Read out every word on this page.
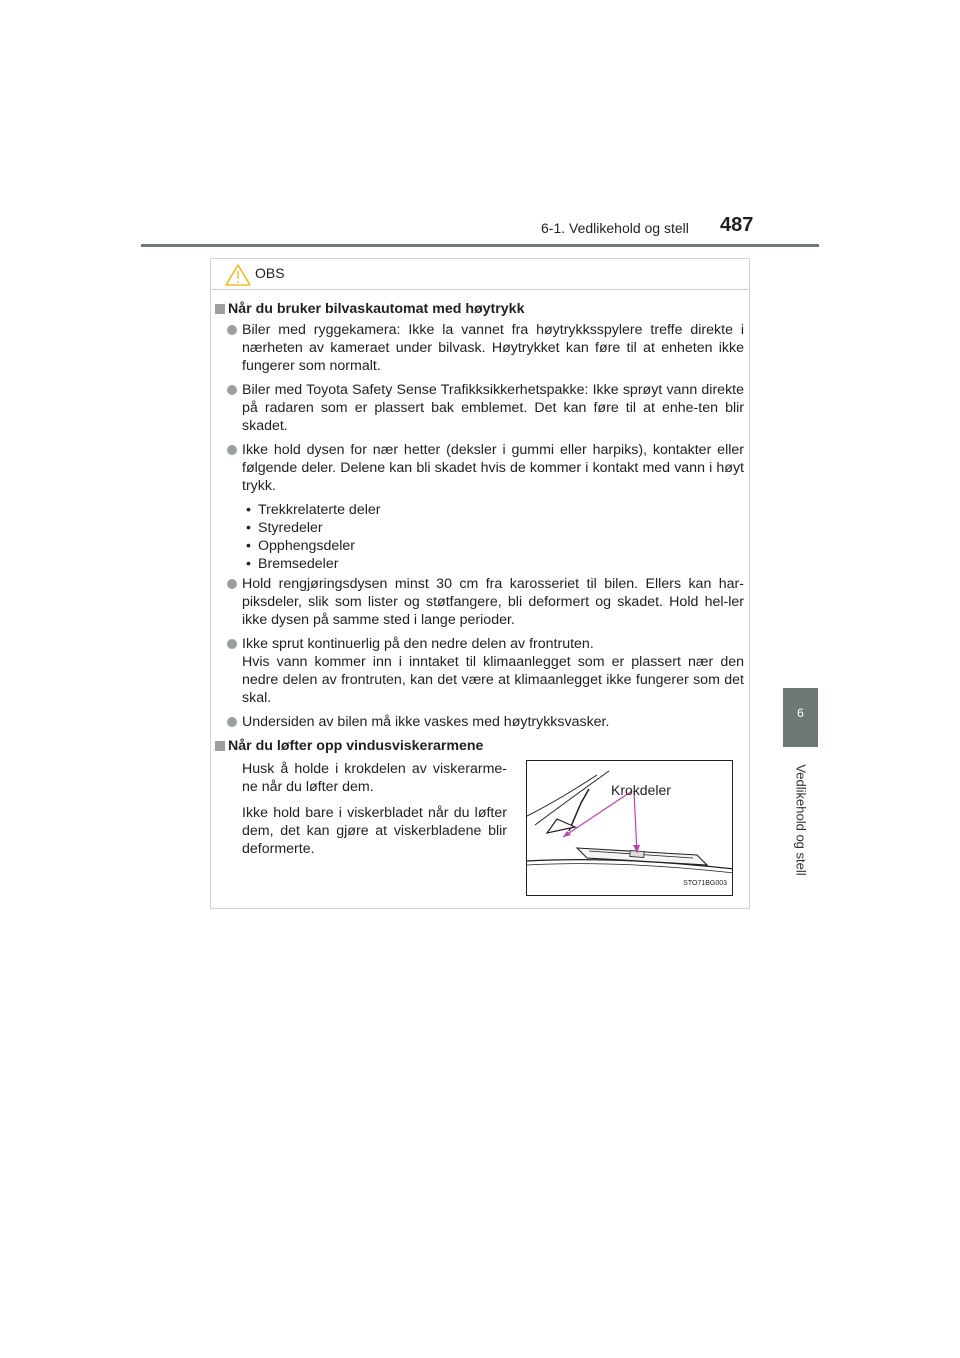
6-1. Vedlikehold og stell	487
6
Vedlikehold og stell
OBS
Når du bruker bilvaskautomat med høytrykk
Biler med ryggekamera: Ikke la vannet fra høytrykksspylere treffe direkte i nærheten av kameraet under bilvask. Høytrykket kan føre til at enheten ikke fungerer som normalt.
Biler med Toyota Safety Sense Trafikksikkerhetspakke: Ikke sprøyt vann direkte på radaren som er plassert bak emblemet. Det kan føre til at enhe-ten blir skadet.
Ikke hold dysen for nær hetter (deksler i gummi eller harpiks), kontakter eller følgende deler. Delene kan bli skadet hvis de kommer i kontakt med vann i høyt trykk.
• Trekkrelaterte deler
• Styredeler
• Opphengsdeler
• Bremsedeler
Hold rengjøringsdysen minst 30 cm fra karosseriet til bilen. Ellers kan har-piksdeler, slik som lister og støtfangere, bli deformert og skadet. Hold hel-ler ikke dysen på samme sted i lange perioder.
Ikke sprut kontinuerlig på den nedre delen av frontruten.
Hvis vann kommer inn i inntaket til klimaanlegget som er plassert nær den nedre delen av frontruten, kan det være at klimaanlegget ikke fungerer som det skal.
Undersiden av bilen må ikke vaskes med høytrykksvasker.
Når du løfter opp vindusviskerarmene

Husk å holde i krokdelen av viskerarme-ne når du løfter dem.

Ikke hold bare i viskerbladet når du løfter dem, det kan gjøre at viskerbladene blir deformerte.

Krokdeler
STO71BG003
